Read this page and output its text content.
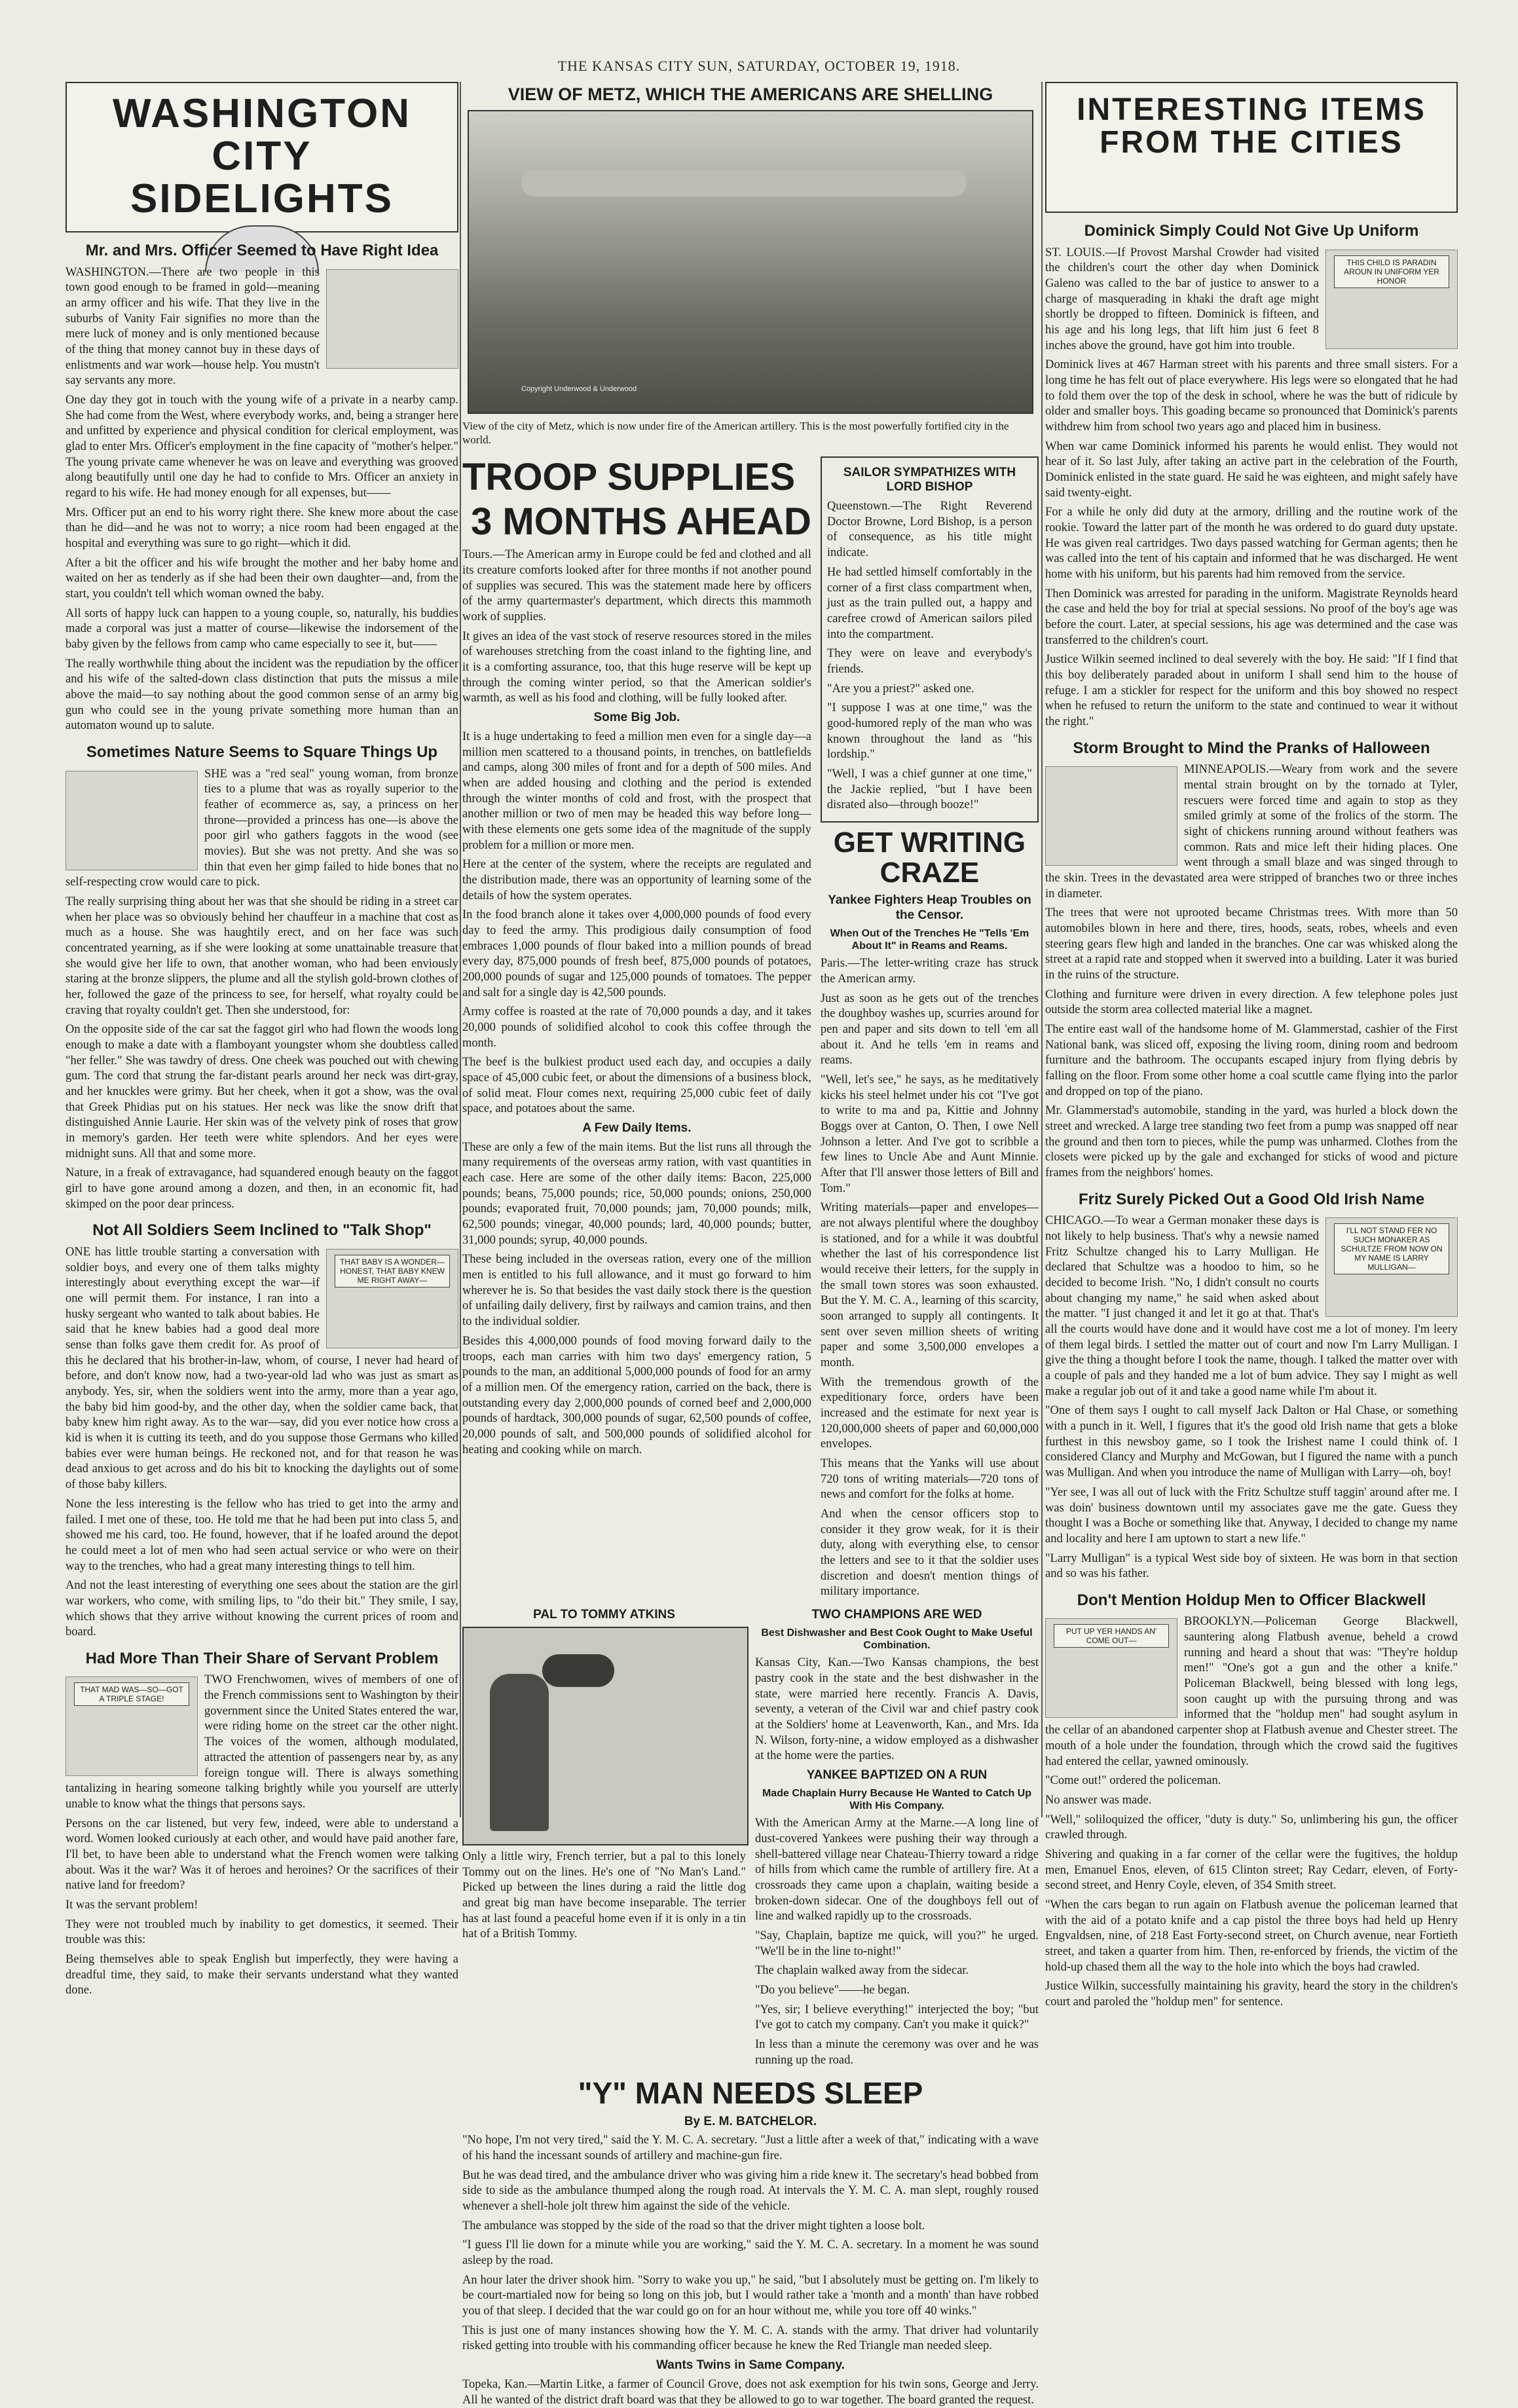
THE KANSAS CITY SUN, SATURDAY, OCTOBER 19, 1918.
WASHINGTON CITY
SIDELIGHTS
Mr. and Mrs. Officer Seemed to Have Right Idea

WASHINGTON.—There are two people in this town good enough to be framed in gold—meaning an army officer and his wife. That they live in the suburbs of Vanity Fair signifies no more than the mere luck of money and is only mentioned because of the thing that money cannot buy in these days of enlistments and war work—house help. You mustn't say servants any more.

One day they got in touch with the young wife of a private in a nearby camp. She had come from the West, where everybody works, and, being a stranger here and unfitted by experience and physical condition for clerical employment, was glad to enter Mrs. Officer's employment in the fine capacity of "mother's helper." The young private came whenever he was on leave and everything was grooved along beautifully until one day he had to confide to Mrs. Officer an anxiety in regard to his wife. He had money enough for all expenses, but——

Mrs. Officer put an end to his worry right there. She knew more about the case than he did—and he was not to worry; a nice room had been engaged at the hospital and everything was sure to go right—which it did.

After a bit the officer and his wife brought the mother and her baby home and waited on her as tenderly as if she had been their own daughter—and, from the start, you couldn't tell which woman owned the baby.

All sorts of happy luck can happen to a young couple, so, naturally, his buddies made a corporal was just a matter of course—likewise the indorsement of the baby given by the fellows from camp who came especially to see it, but——

The really worthwhile thing about the incident was the repudiation by the officer and his wife of the salted-down class distinction that puts the missus a mile above the maid—to say nothing about the good common sense of an army big gun who could see in the young private something more human than an automaton wound up to salute.

Sometimes Nature Seems to Square Things Up

SHE was a "red seal" young woman, from bronze ties to a plume that was as royally superior to the feather of ecommerce as, say, a princess on her throne—provided a princess has one—is above the poor girl who gathers faggots in the wood (see movies). But she was not pretty. And she was so thin that even her gimp failed to hide bones that no self-respecting crow would care to pick.

The really surprising thing about her was that she should be riding in a street car when her place was so obviously behind her chauffeur in a machine that cost as much as a house. She was haughtily erect, and on her face was such concentrated yearning, as if she were looking at some unattainable treasure that she would give her life to own, that another woman, who had been enviously staring at the bronze slippers, the plume and all the stylish gold-brown clothes of her, followed the gaze of the princess to see, for herself, what royalty could be craving that royalty couldn't get. Then she understood, for:

On the opposite side of the car sat the faggot girl who had flown the woods long enough to make a date with a flamboyant youngster whom she doubtless called "her feller." She was tawdry of dress. One cheek was pouched out with chewing gum. The cord that strung the far-distant pearls around her neck was dirt-gray, and her knuckles were grimy. But her cheek, when it got a show, was the oval that Greek Phidias put on his statues. Her neck was like the snow drift that distinguished Annie Laurie. Her skin was of the velvety pink of roses that grow in memory's garden. Her teeth were white splendors. And her eyes were midnight suns. All that and some more.

Nature, in a freak of extravagance, had squandered enough beauty on the faggot girl to have gone around among a dozen, and then, in an economic fit, had skimped on the poor dear princess.

Not All Soldiers Seem Inclined to "Talk Shop"
THAT BABY IS A WONDER—HONEST, THAT BABY KNEW ME RIGHT AWAY—

ONE has little trouble starting a conversation with soldier boys, and every one of them talks mighty interestingly about everything except the war—if one will permit them. For instance, I ran into a husky sergeant who wanted to talk about babies. He said that he knew babies had a good deal more sense than folks gave them credit for. As proof of this he declared that his brother-in-law, whom, of course, I never had heard of before, and don't know now, had a two-year-old lad who was just as smart as anybody. Yes, sir, when the soldiers went into the army, more than a year ago, the baby bid him good-by, and the other day, when the soldier came back, that baby knew him right away. As to the war—say, did you ever notice how cross a kid is when it is cutting its teeth, and do you suppose those Germans who killed babies ever were human beings. He reckoned not, and for that reason he was dead anxious to get across and do his bit to knocking the daylights out of some of those baby killers.

None the less interesting is the fellow who has tried to get into the army and failed. I met one of these, too. He told me that he had been put into class 5, and showed me his card, too. He found, however, that if he loafed around the depot he could meet a lot of men who had seen actual service or who were on their way to the trenches, who had a great many interesting things to tell him.

And not the least interesting of everything one sees about the station are the girl war workers, who come, with smiling lips, to "do their bit." They smile, I say, which shows that they arrive without knowing the current prices of room and board.

Had More Than Their Share of Servant Problem
THAT MAD WAS—SO—GOT A TRIPLE STAGE!

TWO Frenchwomen, wives of members of one of the French commissions sent to Washington by their government since the United States entered the war, were riding home on the street car the other night. The voices of the women, although modulated, attracted the attention of passengers near by, as any foreign tongue will. There is always something tantalizing in hearing someone talking brightly while you yourself are utterly unable to know what the things that persons says.

Persons on the car listened, but very few, indeed, were able to understand a word. Women looked curiously at each other, and would have paid another fare, I'll bet, to have been able to understand what the French women were talking about. Was it the war? Was it of heroes and heroines? Or the sacrifices of their native land for freedom?

It was the servant problem!

They were not troubled much by inability to get domestics, it seemed. Their trouble was this:

Being themselves able to speak English but imperfectly, they were having a dreadful time, they said, to make their servants understand what they wanted done.

VIEW OF METZ, WHICH THE AMERICANS ARE SHELLING
Copyright Underwood & Underwood
View of the city of Metz, which is now under fire of the American artillery. This is the most powerfully fortified city in the world.
TROOP SUPPLIES
3 MONTHS AHEAD

Tours.—The American army in Europe could be fed and clothed and all its creature comforts looked after for three months if not another pound of supplies was secured. This was the statement made here by officers of the army quartermaster's department, which directs this mammoth work of supplies.

It gives an idea of the vast stock of reserve resources stored in the miles of warehouses stretching from the coast inland to the fighting line, and it is a comforting assurance, too, that this huge reserve will be kept up through the coming winter period, so that the American soldier's warmth, as well as his food and clothing, will be fully looked after.

Some Big Job.

It is a huge undertaking to feed a million men even for a single day—a million men scattered to a thousand points, in trenches, on battlefields and camps, along 300 miles of front and for a depth of 500 miles. And when are added housing and clothing and the period is extended through the winter months of cold and frost, with the prospect that another million or two of men may be headed this way before long—with these elements one gets some idea of the magnitude of the supply problem for a million or more men.

Here at the center of the system, where the receipts are regulated and the distribution made, there was an opportunity of learning some of the details of how the system operates.

In the food branch alone it takes over 4,000,000 pounds of food every day to feed the army. This prodigious daily consumption of food embraces 1,000 pounds of flour baked into a million pounds of bread every day, 875,000 pounds of fresh beef, 875,000 pounds of potatoes, 200,000 pounds of sugar and 125,000 pounds of tomatoes. The pepper and salt for a single day is 42,500 pounds.

Army coffee is roasted at the rate of 70,000 pounds a day, and it takes 20,000 pounds of solidified alcohol to cook this coffee through the month.

The beef is the bulkiest product used each day, and occupies a daily space of 45,000 cubic feet, or about the dimensions of a business block, of solid meat. Flour comes next, requiring 25,000 cubic feet of daily space, and potatoes about the same.

A Few Daily Items.

These are only a few of the main items. But the list runs all through the many requirements of the overseas army ration, with vast quantities in each case. Here are some of the other daily items: Bacon, 225,000 pounds; beans, 75,000 pounds; rice, 50,000 pounds; onions, 250,000 pounds; evaporated fruit, 70,000 pounds; jam, 70,000 pounds; milk, 62,500 pounds; vinegar, 40,000 pounds; lard, 40,000 pounds; butter, 31,000 pounds; syrup, 40,000 pounds.

These being included in the overseas ration, every one of the million men is entitled to his full allowance, and it must go forward to him wherever he is. So that besides the vast daily stock there is the question of unfailing daily delivery, first by railways and camion trains, and then to the individual soldier.

Besides this 4,000,000 pounds of food moving forward daily to the troops, each man carries with him two days' emergency ration, 5 pounds to the man, an additional 5,000,000 pounds of food for an army of a million men. Of the emergency ration, carried on the back, there is outstanding every day 2,000,000 pounds of corned beef and 2,000,000 pounds of hardtack, 300,000 pounds of sugar, 62,500 pounds of coffee, 20,000 pounds of salt, and 500,000 pounds of solidified alcohol for heating and cooking while on march.

SAILOR SYMPATHIZES WITH LORD BISHOP

Queenstown.—The Right Reverend Doctor Browne, Lord Bishop, is a person of consequence, as his title might indicate.

He had settled himself comfortably in the corner of a first class compartment when, just as the train pulled out, a happy and carefree crowd of American sailors piled into the compartment.

They were on leave and everybody's friends.

"Are you a priest?" asked one.

"I suppose I was at one time," was the good-humored reply of the man who was known throughout the land as "his lordship."

"Well, I was a chief gunner at one time," the Jackie replied, "but I have been disrated also—through booze!"

GET WRITING CRAZE
Yankee Fighters Heap Troubles on the Censor.
When Out of the Trenches He "Tells 'Em About It" in Reams and Reams.

Paris.—The letter-writing craze has struck the American army.

Just as soon as he gets out of the trenches the doughboy washes up, scurries around for pen and paper and sits down to tell 'em all about it. And he tells 'em in reams and reams.

"Well, let's see," he says, as he meditatively kicks his steel helmet under his cot "I've got to write to ma and pa, Kittie and Johnny Boggs over at Canton, O. Then, I owe Nell Johnson a letter. And I've got to scribble a few lines to Uncle Abe and Aunt Minnie. After that I'll answer those letters of Bill and Tom."

Writing materials—paper and envelopes—are not always plentiful where the doughboy is stationed, and for a while it was doubtful whether the last of his correspondence list would receive their letters, for the supply in the small town stores was soon exhausted. But the Y. M. C. A., learning of this scarcity, soon arranged to supply all contingents. It sent over seven million sheets of writing paper and some 3,500,000 envelopes a month.

With the tremendous growth of the expeditionary force, orders have been increased and the estimate for next year is 120,000,000 sheets of paper and 60,000,000 envelopes.

This means that the Yanks will use about 720 tons of writing materials—720 tons of news and comfort for the folks at home.

And when the censor officers stop to consider it they grow weak, for it is their duty, along with everything else, to censor the letters and see to it that the soldier uses discretion and doesn't mention things of military importance.

PAL TO TOMMY ATKINS

Only a little wiry, French terrier, but a pal to this lonely Tommy out on the lines. He's one of "No Man's Land." Picked up between the lines during a raid the little dog and great big man have become inseparable. The terrier has at last found a peaceful home even if it is only in a tin hat of a British Tommy.

TWO CHAMPIONS ARE WED
Best Dishwasher and Best Cook Ought to Make Useful Combination.

Kansas City, Kan.—Two Kansas champions, the best pastry cook in the state and the best dishwasher in the state, were married here recently. Francis A. Davis, seventy, a veteran of the Civil war and chief pastry cook at the Soldiers' home at Leavenworth, Kan., and Mrs. Ida N. Wilson, forty-nine, a widow employed as a dishwasher at the home were the parties.

YANKEE BAPTIZED ON A RUN
Made Chaplain Hurry Because He Wanted to Catch Up With His Company.

With the American Army at the Marne.—A long line of dust-covered Yankees were pushing their way through a shell-battered village near Chateau-Thierry toward a ridge of hills from which came the rumble of artillery fire. At a crossroads they came upon a chaplain, waiting beside a broken-down sidecar. One of the doughboys fell out of line and walked rapidly up to the crossroads.

"Say, Chaplain, baptize me quick, will you?" he urged. "We'll be in the line to-night!"

The chaplain walked away from the sidecar.

"Do you believe"——he began.

"Yes, sir; I believe everything!" interjected the boy; "but I've got to catch my company. Can't you make it quick?"

In less than a minute the ceremony was over and he was running up the road.

"Y" MAN NEEDS SLEEP
By E. M. BATCHELOR.

"No hope, I'm not very tired," said the Y. M. C. A. secretary. "Just a little after a week of that," indicating with a wave of his hand the incessant sounds of artillery and machine-gun fire.

But he was dead tired, and the ambulance driver who was giving him a ride knew it. The secretary's head bobbed from side to side as the ambulance thumped along the rough road. At intervals the Y. M. C. A. man slept, roughly roused whenever a shell-hole jolt threw him against the side of the vehicle.

The ambulance was stopped by the side of the road so that the driver might tighten a loose bolt.

"I guess I'll lie down for a minute while you are working," said the Y. M. C. A. secretary. In a moment he was sound asleep by the road.

An hour later the driver shook him. "Sorry to wake you up," he said, "but I absolutely must be getting on. I'm likely to be court-martialed now for being so long on this job, but I would rather take a 'month and a month' than have robbed you of that sleep. I decided that the war could go on for an hour without me, while you tore off 40 winks."

This is just one of many instances showing how the Y. M. C. A. stands with the army. That driver had voluntarily risked getting into trouble with his commanding officer because he knew the Red Triangle man needed sleep.

Wants Twins in Same Company.

Topeka, Kan.—Martin Litke, a farmer of Council Grove, does not ask exemption for his twin sons, George and Jerry. All he wanted of the district draft board was that they be allowed to go to war together. The board granted the request.

INTERESTING ITEMS
FROM THE CITIES
Dominick Simply Could Not Give Up Uniform
THIS CHILD IS PARADIN AROUN IN UNIFORM YER HONOR

ST. LOUIS.—If Provost Marshal Crowder had visited the children's court the other day when Dominick Galeno was called to the bar of justice to answer to a charge of masquerading in khaki the draft age might shortly be dropped to fifteen. Dominick is fifteen, and his age and his long legs, that lift him just 6 feet 8 inches above the ground, have got him into trouble.

Dominick lives at 467 Harman street with his parents and three small sisters. For a long time he has felt out of place everywhere. His legs were so elongated that he had to fold them over the top of the desk in school, where he was the butt of ridicule by older and smaller boys. This goading became so pronounced that Dominick's parents withdrew him from school two years ago and placed him in business.

When war came Dominick informed his parents he would enlist. They would not hear of it. So last July, after taking an active part in the celebration of the Fourth, Dominick enlisted in the state guard. He said he was eighteen, and might safely have said twenty-eight.

For a while he only did duty at the armory, drilling and the routine work of the rookie. Toward the latter part of the month he was ordered to do guard duty upstate. He was given real cartridges. Two days passed watching for German agents; then he was called into the tent of his captain and informed that he was discharged. He went home with his uniform, but his parents had him removed from the service.

Then Dominick was arrested for parading in the uniform. Magistrate Reynolds heard the case and held the boy for trial at special sessions. No proof of the boy's age was before the court. Later, at special sessions, his age was determined and the case was transferred to the children's court.

Justice Wilkin seemed inclined to deal severely with the boy. He said: "If I find that this boy deliberately paraded about in uniform I shall send him to the house of refuge. I am a stickler for respect for the uniform and this boy showed no respect when he refused to return the uniform to the state and continued to wear it without the right."

Storm Brought to Mind the Pranks of Halloween

MINNEAPOLIS.—Weary from work and the severe mental strain brought on by the tornado at Tyler, rescuers were forced time and again to stop as they smiled grimly at some of the frolics of the storm. The sight of chickens running around without feathers was common. Rats and mice left their hiding places. One went through a small blaze and was singed through to the skin. Trees in the devastated area were stripped of branches two or three inches in diameter.

The trees that were not uprooted became Christmas trees. With more than 50 automobiles blown in here and there, tires, hoods, seats, robes, wheels and even steering gears flew high and landed in the branches. One car was whisked along the street at a rapid rate and stopped when it swerved into a building. Later it was buried in the ruins of the structure.

Clothing and furniture were driven in every direction. A few telephone poles just outside the storm area collected material like a magnet.

The entire east wall of the handsome home of M. Glammerstad, cashier of the First National bank, was sliced off, exposing the living room, dining room and bedroom furniture and the bathroom. The occupants escaped injury from flying debris by falling on the floor. From some other home a coal scuttle came flying into the parlor and dropped on top of the piano.

Mr. Glammerstad's automobile, standing in the yard, was hurled a block down the street and wrecked. A large tree standing two feet from a pump was snapped off near the ground and then torn to pieces, while the pump was unharmed. Clothes from the closets were picked up by the gale and exchanged for sticks of wood and picture frames from the neighbors' homes.

Fritz Surely Picked Out a Good Old Irish Name
I'LL NOT STAND FER NO SUCH MONAKER AS SCHULTZE FROM NOW ON MY NAME IS LARRY MULLIGAN—

CHICAGO.—To wear a German monaker these days is not likely to help business. That's why a newsie named Fritz Schultze changed his to Larry Mulligan. He declared that Schultze was a hoodoo to him, so he decided to become Irish. "No, I didn't consult no courts about changing my name," he said when asked about the matter. "I just changed it and let it go at that. That's all the courts would have done and it would have cost me a lot of money. I'm leery of them legal birds. I settled the matter out of court and now I'm Larry Mulligan. I give the thing a thought before I took the name, though. I talked the matter over with a couple of pals and they handed me a lot of bum advice. They say I might as well make a regular job out of it and take a good name while I'm about it.

"One of them says I ought to call myself Jack Dalton or Hal Chase, or something with a punch in it. Well, I figures that it's the good old Irish name that gets a bloke furthest in this newsboy game, so I took the Irishest name I could think of. I considered Clancy and Murphy and McGowan, but I figured the name with a punch was Mulligan. And when you introduce the name of Mulligan with Larry—oh, boy!

"Yer see, I was all out of luck with the Fritz Schultze stuff taggin' around after me. I was doin' business downtown until my associates gave me the gate. Guess they thought I was a Boche or something like that. Anyway, I decided to change my name and locality and here I am uptown to start a new life."

"Larry Mulligan" is a typical West side boy of sixteen. He was born in that section and so was his father.

Don't Mention Holdup Men to Officer Blackwell
PUT UP YER HANDS AN' COME OUT—

BROOKLYN.—Policeman George Blackwell, sauntering along Flatbush avenue, beheld a crowd running and heard a shout that was: "They're holdup men!" "One's got a gun and the other a knife." Policeman Blackwell, being blessed with long legs, soon caught up with the pursuing throng and was informed that the "holdup men" had sought asylum in the cellar of an abandoned carpenter shop at Flatbush avenue and Chester street. The mouth of a hole under the foundation, through which the crowd said the fugitives had entered the cellar, yawned ominously.

"Come out!" ordered the policeman.

No answer was made.

"Well," soliloquized the officer, "duty is duty." So, unlimbering his gun, the officer crawled through.

Shivering and quaking in a far corner of the cellar were the fugitives, the holdup men, Emanuel Enos, eleven, of 615 Clinton street; Ray Cedarr, eleven, of Forty-second street, and Henry Coyle, eleven, of 354 Smith street.

"When the cars began to run again on Flatbush avenue the policeman learned that with the aid of a potato knife and a cap pistol the three boys had held up Henry Engvaldsen, nine, of 218 East Forty-second street, on Church avenue, near Fortieth street, and taken a quarter from him. Then, re-enforced by friends, the victim of the hold-up chased them all the way to the hole into which the boys had crawled.

Justice Wilkin, successfully maintaining his gravity, heard the story in the children's court and paroled the "holdup men" for sentence.
